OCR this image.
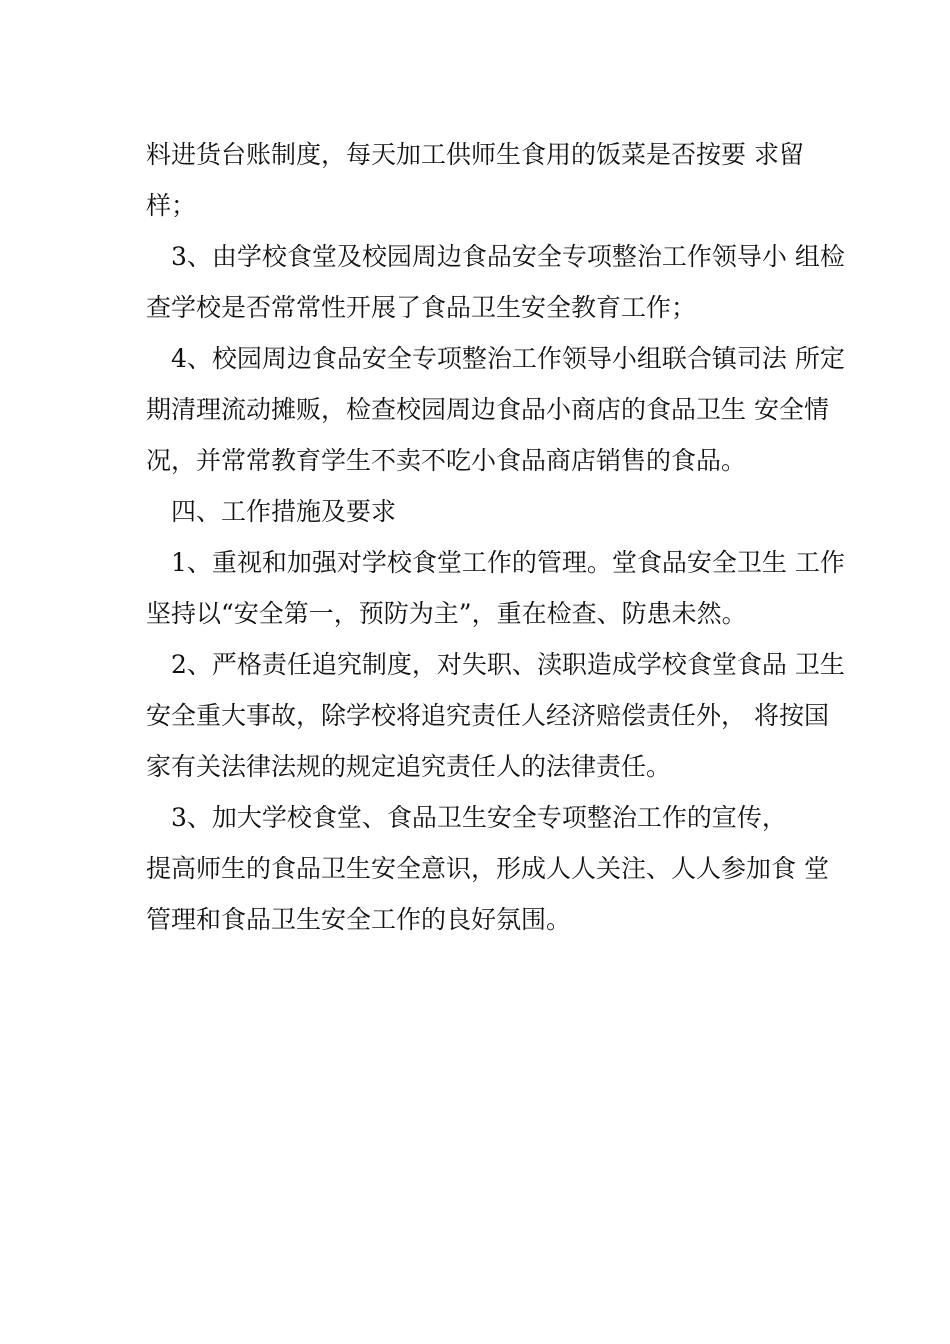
料进货台账制度，每天加工供师生食用的饭菜是否按要 求留
样；

3、由学校食堂及校园周边食品安全专项整治工作领导小 组检
查学校是否常常性开展了食品卫生安全教育工作；

4、校园周边食品安全专项整治工作领导小组联合镇司法 所定
期清理流动摊贩，检查校园周边食品小商店的食品卫生 安全情
况，并常常教育学生不卖不吃小食品商店销售的食品。

四、工作措施及要求

1、重视和加强对学校食堂工作的管理。堂食品安全卫生 工作
坚持以“安全第一，预防为主”，重在检查、防患未然。

2、严格责任追究制度，对失职、渎职造成学校食堂食品 卫生
安全重大事故，除学校将追究责任人经济赔偿责任外， 将按国
家有关法律法规的规定追究责任人的法律责任。

3、加大学校食堂、食品卫生安全专项整治工作的宣传，
提高师生的食品卫生安全意识，形成人人关注、人人参加食 堂
管理和食品卫生安全工作的良好氛围。
